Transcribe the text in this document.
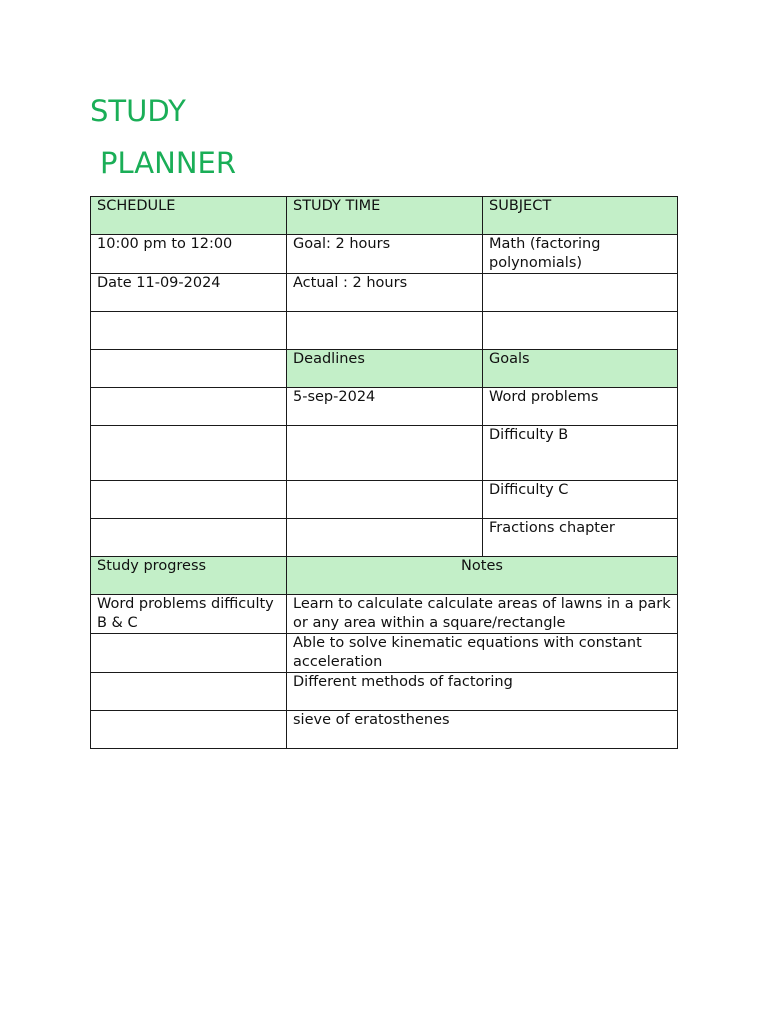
STUDY
PLANNER
SCHEDULE	STUDY TIME	SUBJECT
10:00 pm to 12:00	Goal: 2 hours	Math (factoring polynomials)
Date 11-09-2024	Actual : 2 hours	

	Deadlines	Goals
	5-sep-2024	Word problems
		Difficulty B
		Difficulty C
		Fractions chapter
Study progress	Notes	
Word problems difficulty B & C	Learn to calculate calculate areas of lawns in a park or any area within a square/rectangle	
	Able to solve kinematic equations with constant acceleration	
	Different methods of factoring	
	sieve of eratosthenes	
